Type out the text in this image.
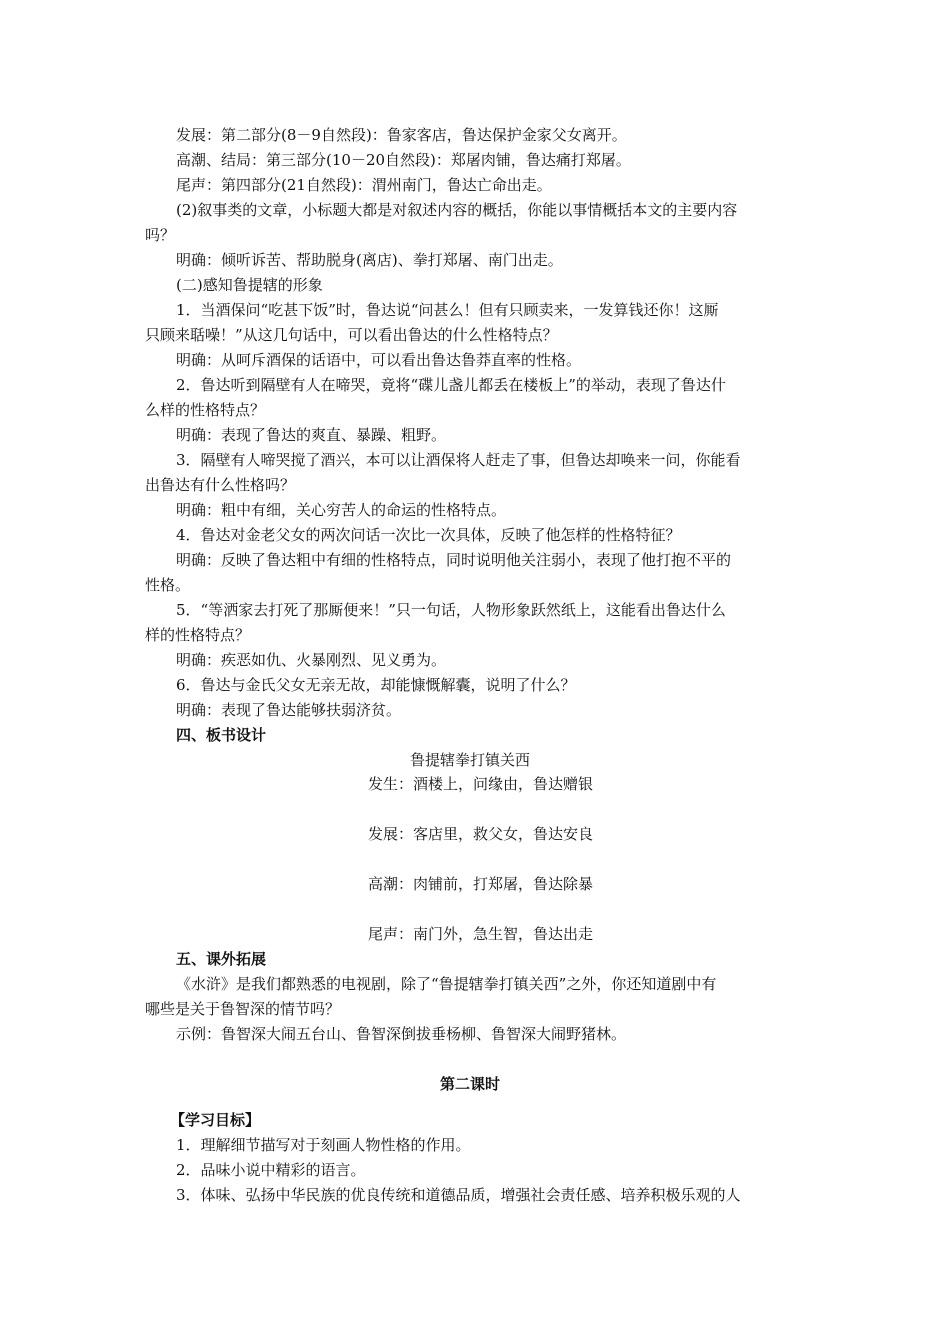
发展：第二部分(8－9自然段)：鲁家客店，鲁达保护金家父女离开。
高潮、结局：第三部分(10－20自然段)：郑屠肉铺，鲁达痛打郑屠。
尾声：第四部分(21自然段)：渭州南门，鲁达亡命出走。
(2)叙事类的文章，小标题大都是对叙述内容的概括，你能以事情概括本文的主要内容
吗？
明确：倾听诉苦、帮助脱身(离店)、拳打郑屠、南门出走。
(二)感知鲁提辖的形象
1．当酒保问“吃甚下饭”时，鲁达说“问甚么！但有只顾卖来，一发算钱还你！这厮
只顾来聒噪！”从这几句话中，可以看出鲁达的什么性格特点？
明确：从呵斥酒保的话语中，可以看出鲁达鲁莽直率的性格。
2．鲁达听到隔壁有人在啼哭，竟将“碟儿盏儿都丢在楼板上”的举动，表现了鲁达什
么样的性格特点？
明确：表现了鲁达的爽直、暴躁、粗野。
3．隔壁有人啼哭搅了酒兴，本可以让酒保将人赶走了事，但鲁达却唤来一问，你能看
出鲁达有什么性格吗？
明确：粗中有细，关心穷苦人的命运的性格特点。
4．鲁达对金老父女的两次问话一次比一次具体，反映了他怎样的性格特征？
明确：反映了鲁达粗中有细的性格特点，同时说明他关注弱小，表现了他打抱不平的
性格。
5．“等洒家去打死了那厮便来！”只一句话，人物形象跃然纸上，这能看出鲁达什么
样的性格特点？
明确：疾恶如仇、火暴刚烈、见义勇为。
6．鲁达与金氏父女无亲无故，却能慷慨解囊，说明了什么？
明确：表现了鲁达能够扶弱济贫。
四、板书设计
鲁提辖拳打镇关西
发生：酒楼上，问缘由，鲁达赠银
发展：客店里，救父女，鲁达安良
高潮：肉铺前，打郑屠，鲁达除暴
尾声：南门外，急生智，鲁达出走
五、课外拓展
《水浒》是我们都熟悉的电视剧，除了“鲁提辖拳打镇关西”之外，你还知道剧中有
哪些是关于鲁智深的情节吗？
示例：鲁智深大闹五台山、鲁智深倒拔垂杨柳、鲁智深大闹野猪林。
第二课时
【学习目标】
1．理解细节描写对于刻画人物性格的作用。
2．品味小说中精彩的语言。
3．体味、弘扬中华民族的优良传统和道德品质，增强社会责任感、培养积极乐观的人
